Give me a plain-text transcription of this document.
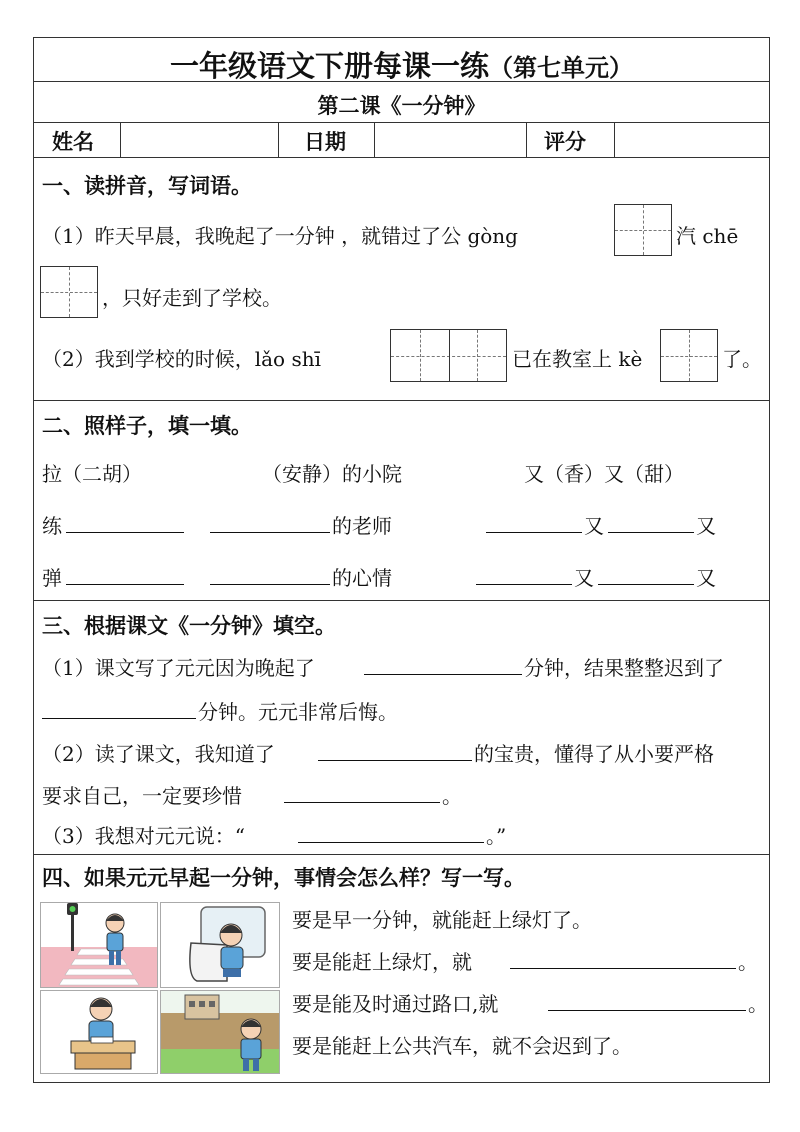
一年级语文下册每课一练（第七单元）
第二课《一分钟》
姓名	日期	评分
一、读拼音，写词语。
（1）昨天早晨，我晚起了一分钟 ，就错过了公 gòng	汽 chē
，只好走到了学校。
（2）我到学校的时候，lǎo shī	已在教室上 kè	了。
二、照样子，填一填。
拉（二胡）	（安静）的小院	又（香）又（甜）
练	的老师	又	又
弹	的心情	又	又
三、根据课文《一分钟》填空。
（1）课文写了元元因为晚起了	分钟，结果整整迟到了
分钟。元元非常后悔。
（2）读了课文，我知道了	的宝贵，懂得了从小要严格
要求自己，一定要珍惜	。
（3）我想对元元说：“	。”
四、如果元元早起一分钟，事情会怎么样？写一写。
要是早一分钟，就能赶上绿灯了。
要是能赶上绿灯，就	。
要是能及时通过路口,就	。
要是能赶上公共汽车，就不会迟到了。
